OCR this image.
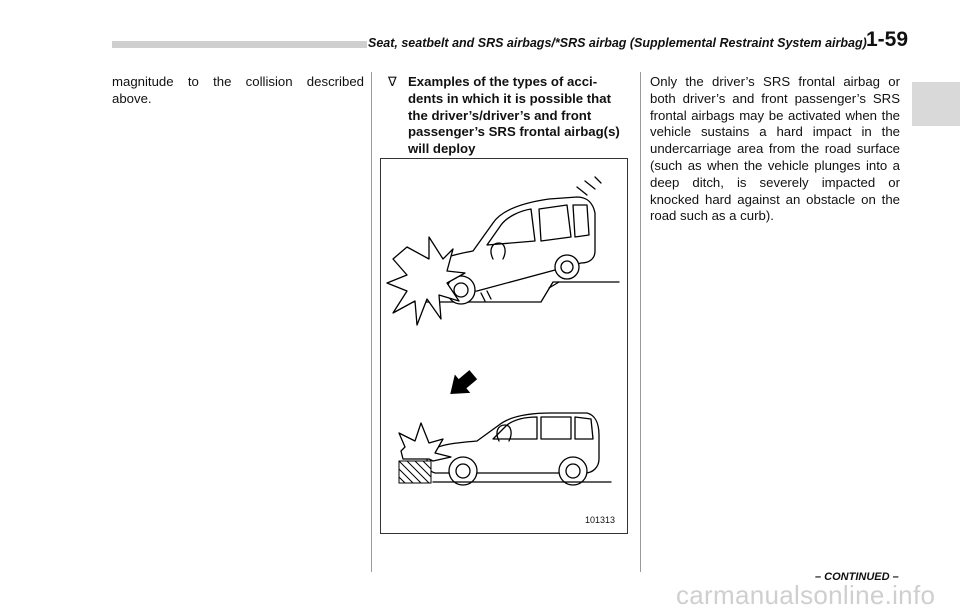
Seat, seatbelt and SRS airbags/*SRS airbag (Supplemental Restraint System airbag) 1-59
magnitude to the collision described above.
∇ Examples of the types of acci-dents in which it is possible that the driver’s/driver’s and front passenger’s SRS frontal airbag(s) will deploy
101313
Only the driver’s SRS frontal airbag or both driver’s and front passenger’s SRS frontal airbags may be activated when the vehicle sustains a hard impact in the undercarriage area from the road surface (such as when the vehicle plunges into a deep ditch, is severely impacted or knocked hard against an obstacle on the road such as a curb).
– CONTINUED –
carmanualsonline.info
